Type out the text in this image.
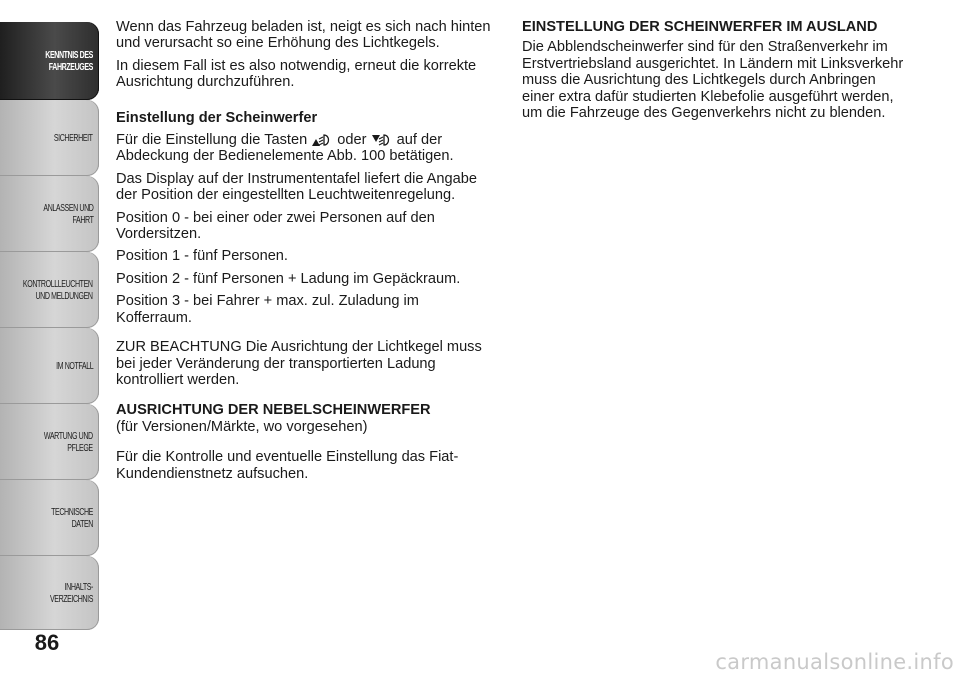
KENNTNIS DES
FAHRZEUGES
SICHERHEIT
ANLASSEN UND
FAHRT
KONTROLLLEUCHTEN
UND MELDUNGEN
IM NOTFALL
WARTUNG UND
PFLEGE
TECHNISCHE DATEN
INHALTS-
VERZEICHNIS
86

Wenn das Fahrzeug beladen ist, neigt es sich nach hinten und verursacht so eine Erhöhung des Lichtkegels.

In diesem Fall ist es also notwendig, erneut die korrekte Ausrichtung durchzuführen.

Einstellung der Scheinwerfer

Für die Einstellung die Tasten  oder  auf der Abdeckung der Bedienelemente Abb. 100 betätigen.

Das Display auf der Instrumententafel liefert die Angabe der Position der eingestellten Leuchtweitenregelung.

Position 0 - bei einer oder zwei Personen auf den Vordersitzen.

Position 1 - fünf Personen.

Position 2 - fünf Personen + Ladung im Gepäckraum.

Position 3 - bei Fahrer + max. zul. Zuladung im Kofferraum.

ZUR BEACHTUNG Die Ausrichtung der Lichtkegel muss bei jeder Veränderung der transportierten Ladung kontrolliert werden.

AUSRICHTUNG DER NEBELSCHEINWERFER

(für Versionen/Märkte, wo vorgesehen)

Für die Kontrolle und eventuelle Einstellung das Fiat-Kundendienstnetz aufsuchen.

EINSTELLUNG DER SCHEINWERFER IM AUSLAND

Die Abblendscheinwerfer sind für den Straßenverkehr im Erstvertriebsland ausgerichtet. In Ländern mit Linksverkehr muss die Ausrichtung des Lichtkegels durch Anbringen einer extra dafür studierten Klebefolie ausgeführt werden, um die Fahrzeuge des Gegenverkehrs nicht zu blenden.

carmanualsonline.info
